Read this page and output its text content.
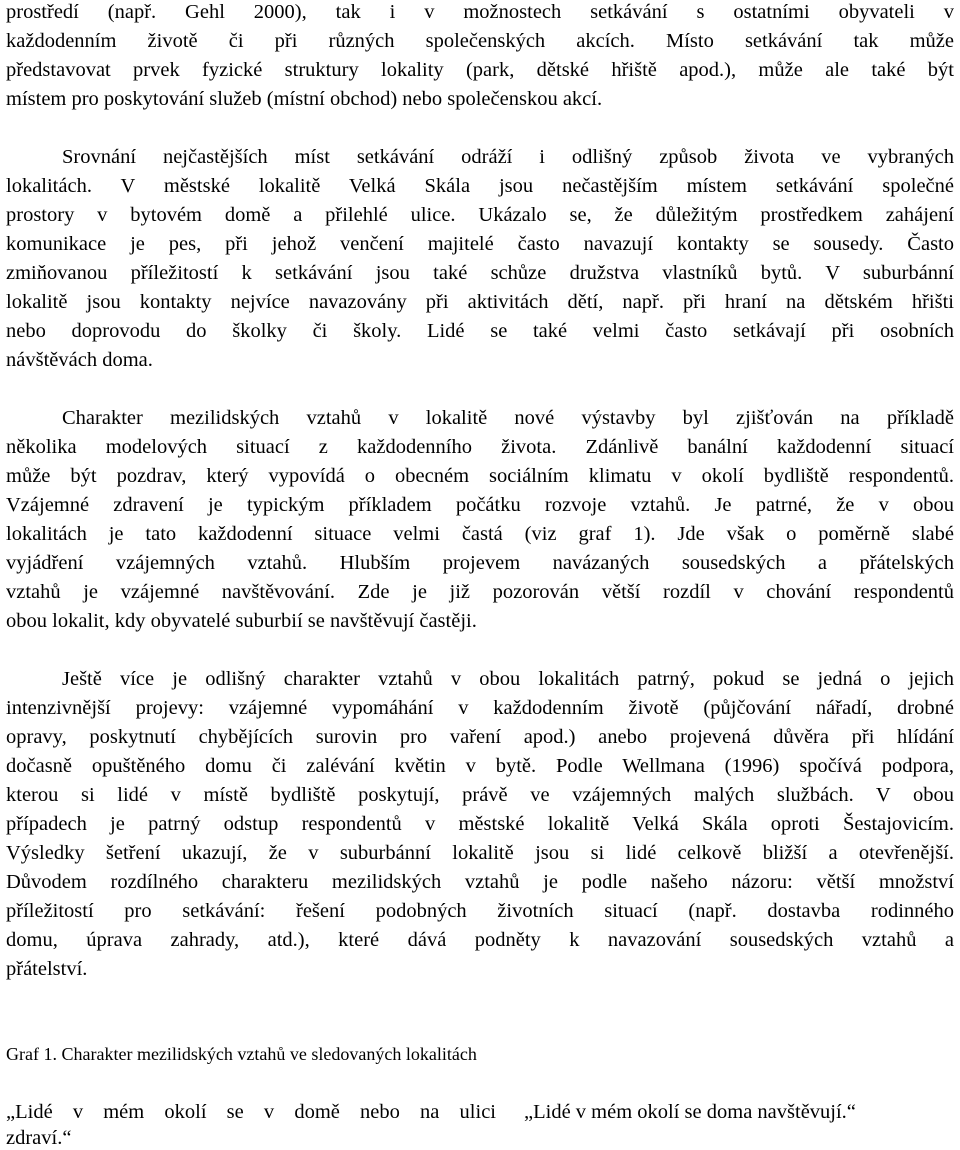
prostředí (např. Gehl 2000), tak i v možnostech setkávání s ostatními obyvateli v
každodenním životě či při různých společenských akcích. Místo setkávání tak může
představovat prvek fyzické struktury lokality (park, dětské hřiště apod.), může ale také být
místem pro poskytování služeb (místní obchod) nebo společenskou akcí.
Srovnání nejčastějších míst setkávání odráží i odlišný způsob života ve vybraných
lokalitách. V městské lokalitě Velká Skála jsou nečastějším místem setkávání společné
prostory v bytovém domě a přilehlé ulice. Ukázalo se, že důležitým prostředkem zahájení
komunikace je pes, při jehož venčení majitelé často navazují kontakty se sousedy. Často
zmiňovanou příležitostí k setkávání jsou také schůze družstva vlastníků bytů. V suburbánní
lokalitě jsou kontakty nejvíce navazovány při aktivitách dětí, např. při hraní na dětském hřišti
nebo doprovodu do školky či školy. Lidé se také velmi často setkávají při osobních
návštěvách doma.
Charakter mezilidských vztahů v lokalitě nové výstavby byl zjišťován na příkladě
několika modelových situací z každodenního života. Zdánlivě banální každodenní situací
může být pozdrav, který vypovídá o obecném sociálním klimatu v okolí bydliště respondentů.
Vzájemné zdravení je typickým příkladem počátku rozvoje vztahů. Je patrné, že v obou
lokalitách je tato každodenní situace velmi častá (viz graf 1). Jde však o poměrně slabé
vyjádření vzájemných vztahů. Hlubším projevem navázaných sousedských a přátelských
vztahů je vzájemné navštěvování. Zde je již pozorován větší rozdíl v chování respondentů
obou lokalit, kdy obyvatelé suburbií se navštěvují častěji.
Ještě více je odlišný charakter vztahů v obou lokalitách patrný, pokud se jedná o jejich
intenzivnější projevy: vzájemné vypomáhání v každodenním životě (půjčování nářadí, drobné
opravy, poskytnutí chybějících surovin pro vaření apod.) anebo projevená důvěra při hlídání
dočasně opuštěného domu či zalévání květin v bytě. Podle Wellmana (1996) spočívá podpora,
kterou si lidé v místě bydliště poskytují, právě ve vzájemných malých službách. V obou
případech je patrný odstup respondentů v městské lokalitě Velká Skála oproti Šestajovicím.
Výsledky šetření ukazují, že v suburbánní lokalitě jsou si lidé celkově bližší a otevřenější.
Důvodem rozdílného charakteru mezilidských vztahů je podle našeho názoru: větší množství
příležitostí pro setkávání: řešení podobných životních situací (např. dostavba rodinného
domu, úprava zahrady, atd.), které dává podněty k navazování sousedských vztahů a
přátelství.
Graf 1. Charakter mezilidských vztahů ve sledovaných lokalitách
„Lidé v mém okolí se v domě nebo na ulici
zdraví.“
„Lidé v mém okolí se doma navštěvují.“
